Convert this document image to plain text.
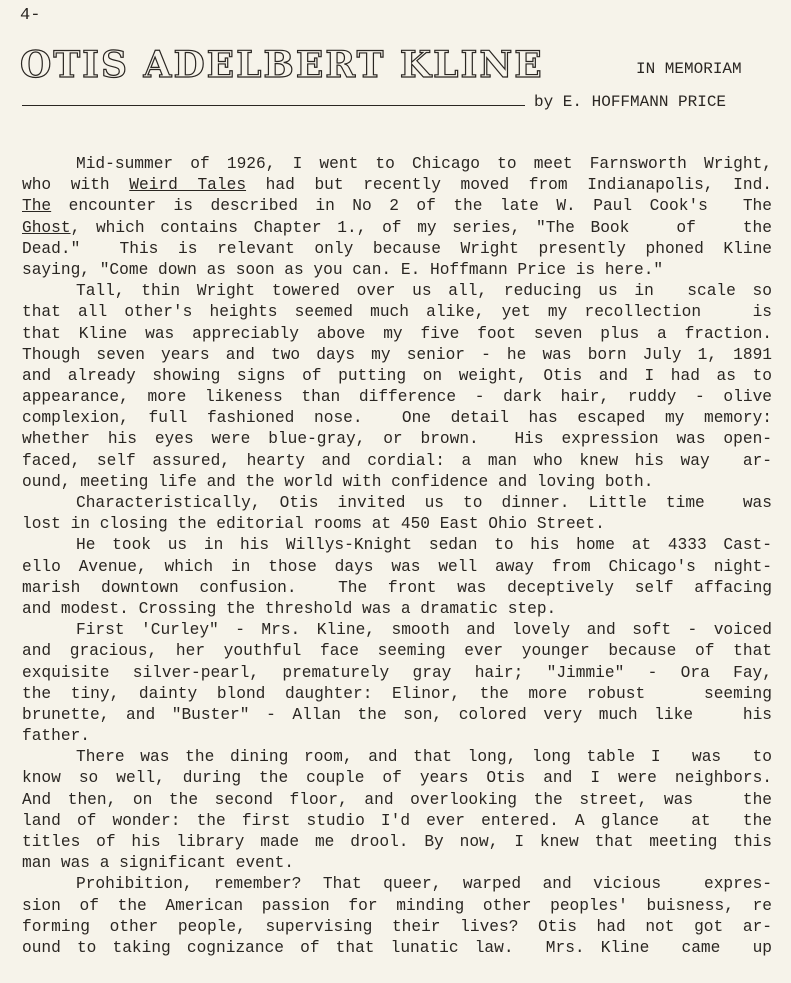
4-
OTIS ADELBERT KLINE	IN MEMORIAM
by E. HOFFMANN PRICE
Mid-summer of 1926, I went to Chicago to meet Farnsworth Wright,
who with Weird Tales had but recently moved from Indianapolis, Ind.
The encounter is described in No 2 of the late W. Paul Cook's  The
Ghost, which contains Chapter 1., of my series, "The Book   of   the
Dead."  This is relevant only because Wright presently phoned Kline
saying, "Come down as soon as you can. E. Hoffmann Price is here."
Tall, thin Wright towered over us all, reducing us in  scale so
that all other's heights seemed much alike, yet my recollection   is
that Kline was appreciably above my five foot seven plus a fraction.
Though seven years and two days my senior - he was born July 1, 1891
and already showing signs of putting on weight, Otis and I had as to
appearance, more likeness than difference - dark hair, ruddy - olive
complexion, full fashioned nose.  One detail has escaped my memory:
whether his eyes were blue-gray, or brown.  His expression was open-
faced, self assured, hearty and cordial: a man who knew his way  ar-
ound, meeting life and the world with confidence and loving both.
Characteristically, Otis invited us to dinner. Little time  was
lost in closing the editorial rooms at 450 East Ohio Street.
He took us in his Willys-Knight sedan to his home at 4333 Cast-
ello Avenue, which in those days was well away from Chicago's night-
marish downtown confusion.  The front was deceptively self affacing
and modest. Crossing the threshold was a dramatic step.
First 'Curley" - Mrs. Kline, smooth and lovely and soft - voiced
and gracious, her youthful face seeming ever younger because of that
exquisite silver-pearl, prematurely gray hair; "Jimmie" - Ora Fay,
the tiny, dainty blond daughter: Elinor, the more robust   seeming
brunette, and "Buster" - Allan the son, colored very much like   his
father.
There was the dining room, and that long, long table I  was  to
know so well, during the couple of years Otis and I were neighbors.
And then, on the second floor, and overlooking the street, was   the
land of wonder: the first studio I'd ever entered. A glance  at  the
titles of his library made me drool. By now, I knew that meeting this
man was a significant event.
Prohibition, remember? That queer, warped and vicious  expres-
sion of the American passion for minding other peoples' buisness, re
forming other people, supervising their lives? Otis had not got ar-
ound to taking cognizance of that lunatic law.  Mrs. Kline  came  up
